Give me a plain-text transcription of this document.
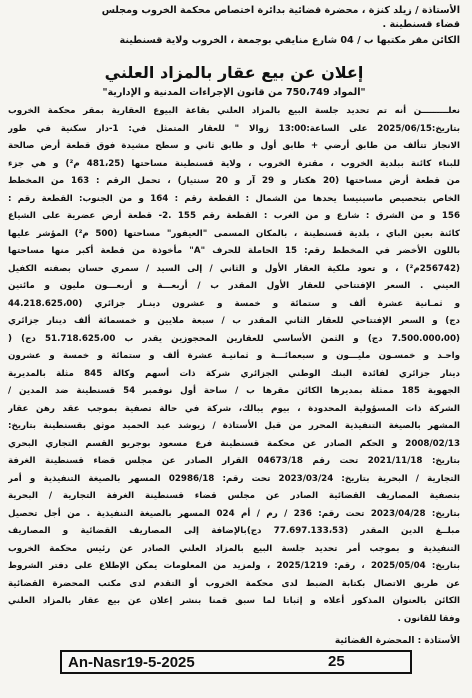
الأستاذة / زيلد كنزة ، محضرة قضائية بدائرة اختصاص محكمة الخروب ومجلس
قضاء قسنطينة .
الكائن مقر مكتبها ب / 04 شارع منايفي بوجمعة ، الخروب ولاية قسنطينة
إعلان عن بيع عقار بالمزاد العلني
"المواد 750،749 من قانون الإجراءات المدنية و الإدارية"
نعلـــــــــن أنه تم تحديد جلسة البيع بالمزاد العلني بقاعة البيوع العقارية بمقر محكمة الخروب
بتاريخ:2025/06/15 على الساعة:13:00 زوالا " للعقار المتمثل في: 1-دار سكنية في طور
الانجاز تتألف من طابق أرضي + طابق أول و طابق ثاني و سطح مشيدة فوق قطعة أرض صالحة
للبناء كائنة ببلدية الخروب ، مقترة الخروب ، ولاية قسنطينة مساحتها (481،25 م²) و هي جزء
من قطعة أرض مساحتها (20 هكتار و 29 آر و 20 سنتيار) ، تحمل الرقم : 163 من المخطط
الخاص بتحصيص ماسينيسا يحدها من الشمال : القطعة رقم : 164 و من الجنوب: القطعة رقم :
156 و من الشرق : شارع و من الغرب : القطعة رقم 155 .2- قطعة أرض عضرية على الشياع
كائنة بعين الباي ، بلدية قسنطينة ، بالمكان المسمى "العيفور" مساحتها (500 م²) المؤشر عليها
باللون الأخضر في المخطط رقم: 15 الحاملة للحرف "A" مأخوذة من قطعة أكبر منها مساحتها
(256742م²) ، و تعود ملكية العقار الأول و الثاني / إلى السيد / سمري حسان بصفته الكفيل
العيني . السعر الإفتتاحي للعقار الأول المقدر ب / أربعـــة و أربعـــون مليون و مائتين
و ثمـانية عشرة ألف و ستمائة و خمسة و عشرون دينـار جزائري (44.218.625،00
دج) و السعر الإفتتاحي للعقار الثاني المقدر ب / سبعة ملايين و خمسمائة ألف دينار جزائري
(7.500.000،00 دج) و الثمن الأساسي للعقارين المحجوزين يقدر ب 51.718.625،00 دج) (
واحـد و خمسـون مليـــون و سبعمائـــة و ثمانيـة عشرة ألف و ستمائة و خمسة و عشرون
دينار جزائري لفائدة البنك الوطني الجزائري شركة ذات أسهم وكالة 845 مثلة بالمديرية
الجهوية 185 ممثلة بمديرها الكائن مقرها ب / ساحة أول نوفمبر 54 قسنطينة ضد المدين /
الشركة ذات المسؤولية المحدودة ، بيوم يبالك، شركة في حالة تصفية بموجب عقد رهن عقار
المشهر بالصيغة التنفيذية المحرر من قبل الأستاذة / زيوشد عبد الحميد موثق بقسنطينة بتاريخ:
2008/02/13 و الحكم الصادر عن محكمة قسنطينة فرع مسعود بوجريو القسم التجاري البحري
بتاريخ: 2021/11/18 تحت رقم 04673/18 القرار الصادر عن مجلس قضاء قسنطينة الغرفة
التجارية / البحرية بتاريخ: 2023/03/24 تحت رقم: 02986/18 المسهر بالصيغة التنفيذية و أمر
بتصفية المصاريف القضائية الصادر عن مجلس قضاء قسنطينة الغرفة التجارية / البحرية
بتاريخ: 2023/04/28 تحت رقم: 236 / رم / أم 024 المسهر بالصيغة التنفيذية . من أجل تحصيل
مبلــغ الدين المقدر (77.697.133،53 دج)بالإضافة إلى المصاريف القضائية و المصاريف
التنفيذية و بموجب أمر تحديد جلسة البيع بالمزاد العلني الصادر عن رئيس محكمة الخروب
بتاريخ: 2025/05/04 ، رقم: 2025/1219 ، ولمزيد من المعلومات يمكن الإطلاع على دفتر الشروط
عن طريق الاتصال بكتابة الضبط لدى محكمة الخروب أو التقدم لدى مكتب المحضرة القضائية
الكائن بالعنوان المذكور أعلاه و إثباتا لما سبق قمنا بنشر إعلان عن بيع عقار بالمزاد العلني
وفقا للقانون .
الأستاذة : المحضرة القضائية
An-Nasr19-5-2025	25
